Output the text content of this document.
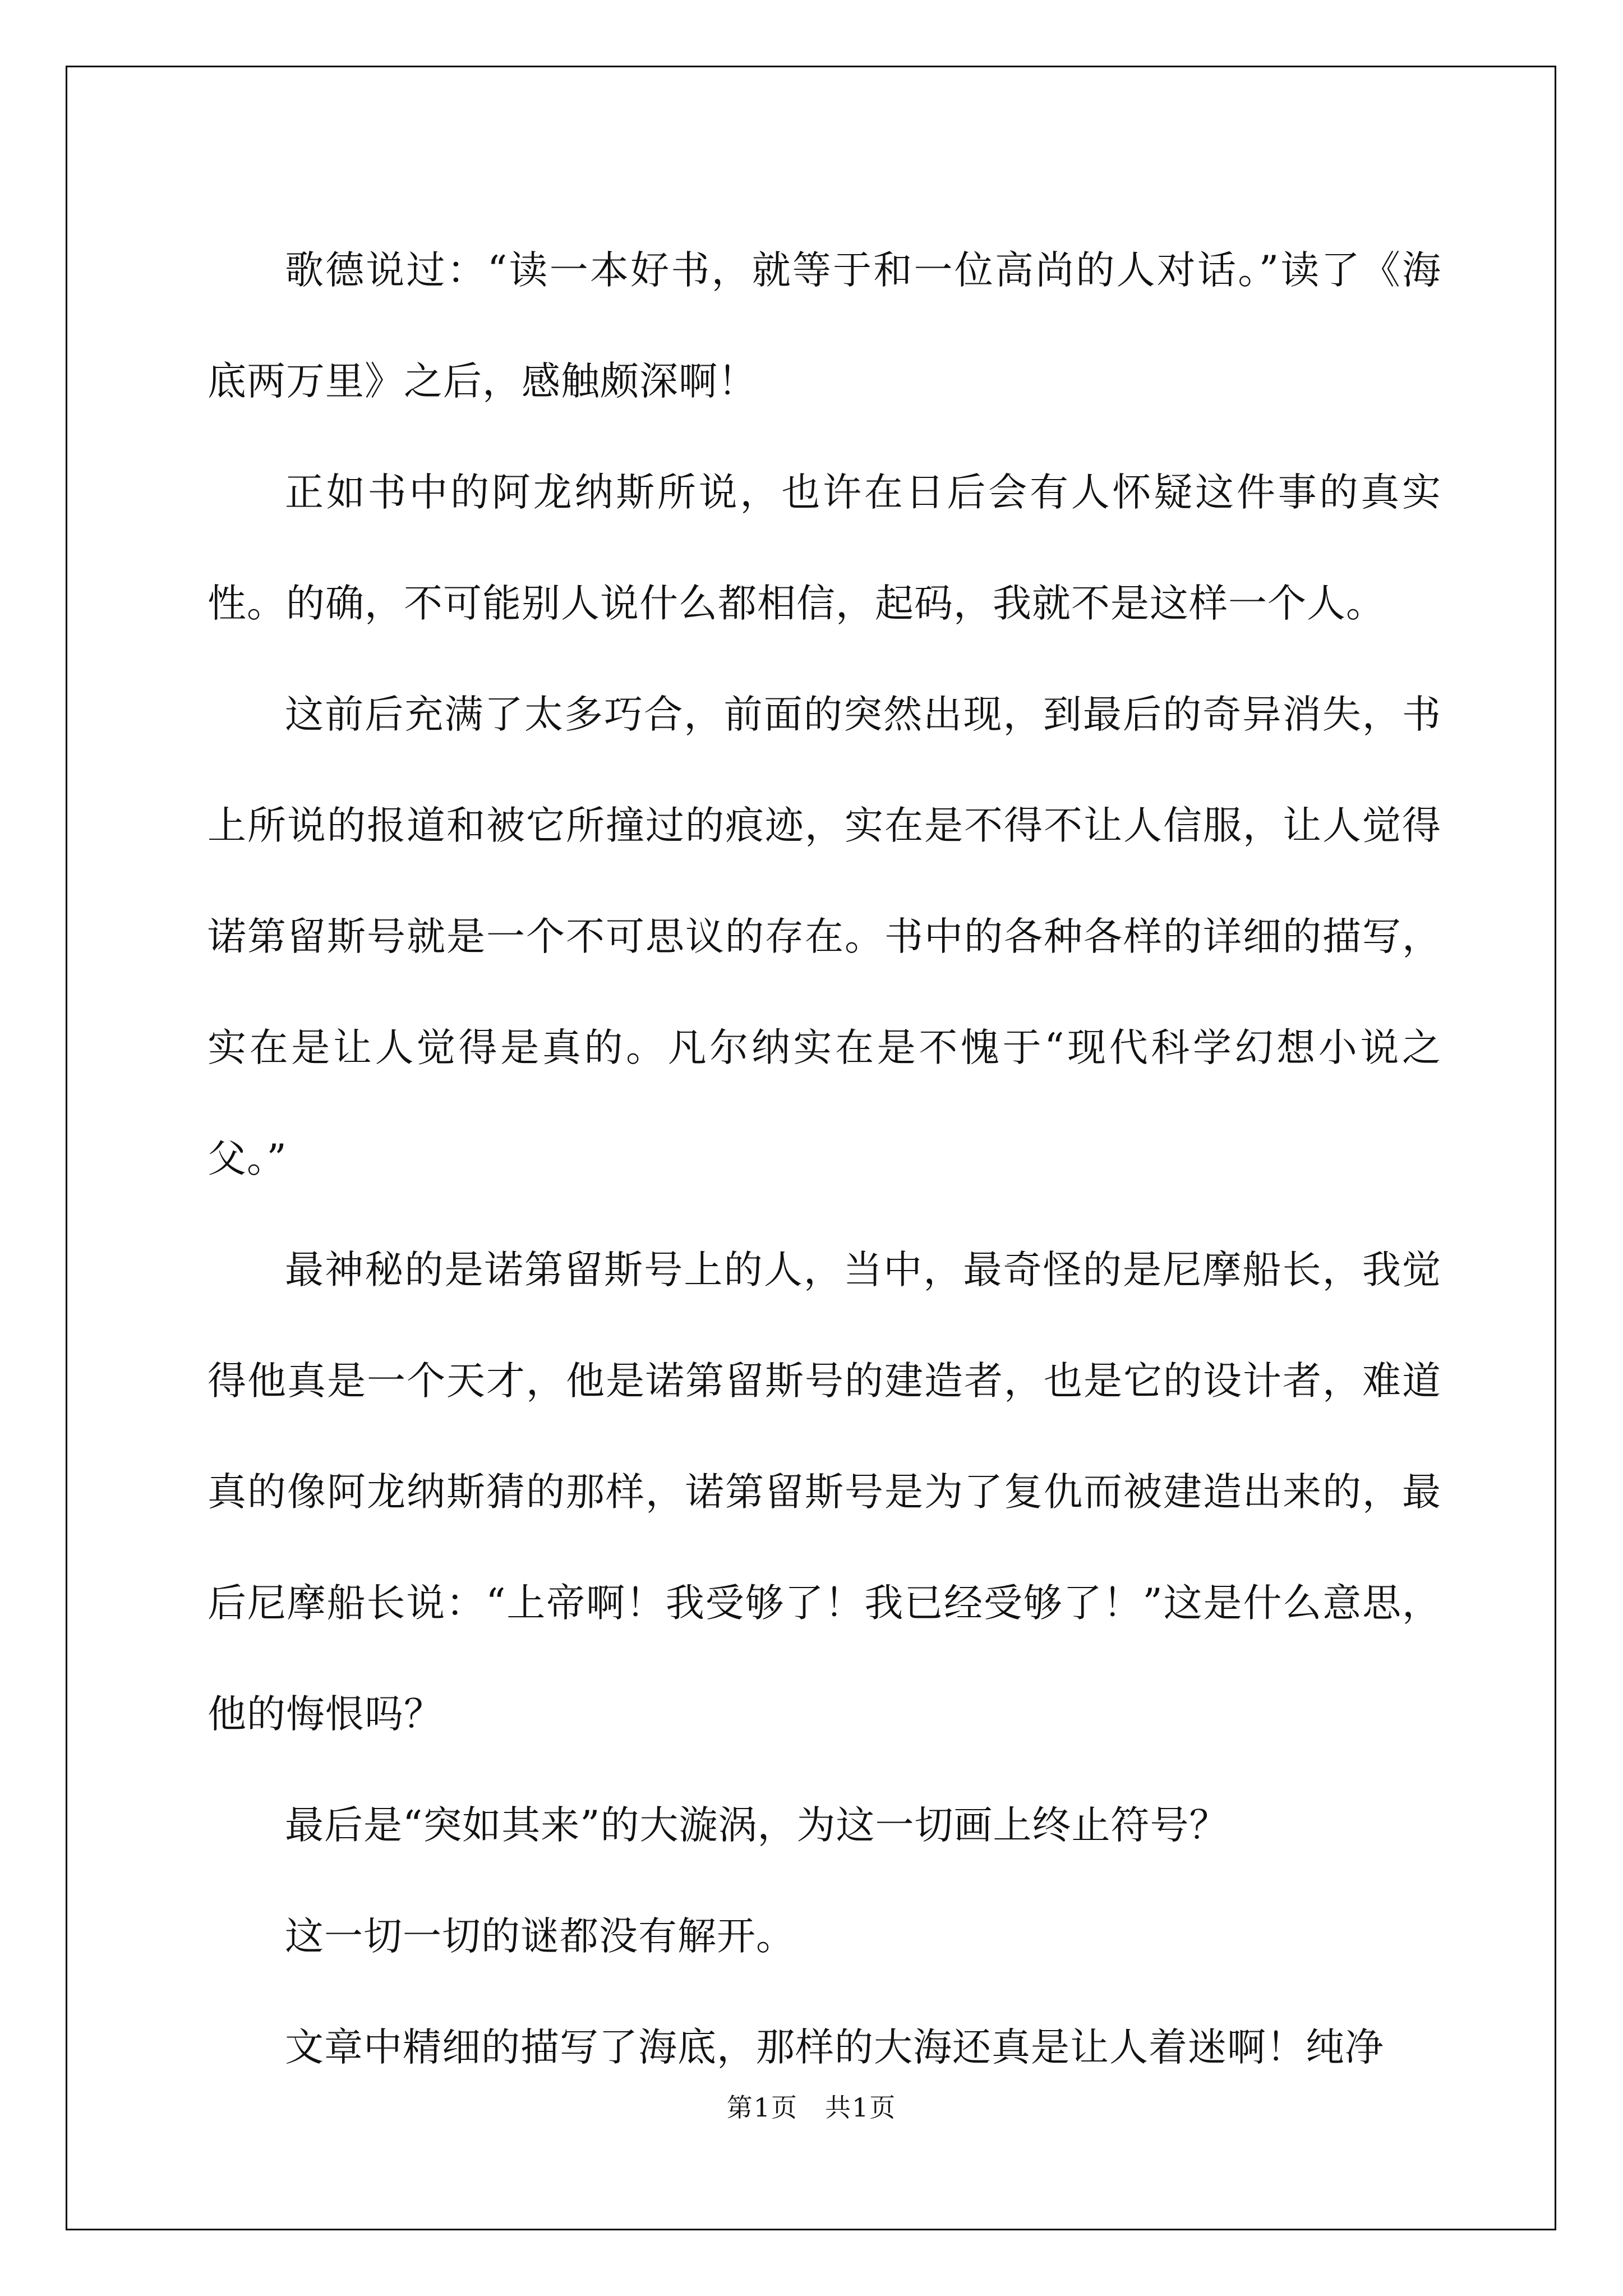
歌德说过：“读一本好书，就等于和一位高尚的人对话。”读了《海底两万里》之后，感触颇深啊！

正如书中的阿龙纳斯所说，也许在日后会有人怀疑这件事的真实性。的确，不可能别人说什么都相信，起码，我就不是这样一个人。

这前后充满了太多巧合，前面的突然出现，到最后的奇异消失，书上所说的报道和被它所撞过的痕迹，实在是不得不让人信服，让人觉得诺第留斯号就是一个不可思议的存在。书中的各种各样的详细的描写，实在是让人觉得是真的。凡尔纳实在是不愧于“现代科学幻想小说之父。”

最神秘的是诺第留斯号上的人，当中，最奇怪的是尼摩船长，我觉得他真是一个天才，他是诺第留斯号的建造者，也是它的设计者，难道真的像阿龙纳斯猜的那样，诺第留斯号是为了复仇而被建造出来的，最后尼摩船长说：“上帝啊！我受够了！我已经受够了！”这是什么意思，他的悔恨吗？

最后是“突如其来”的大漩涡，为这一切画上终止符号？

这一切一切的谜都没有解开。

文章中精细的描写了海底，那样的大海还真是让人着迷啊！纯净

第1页　共1页
